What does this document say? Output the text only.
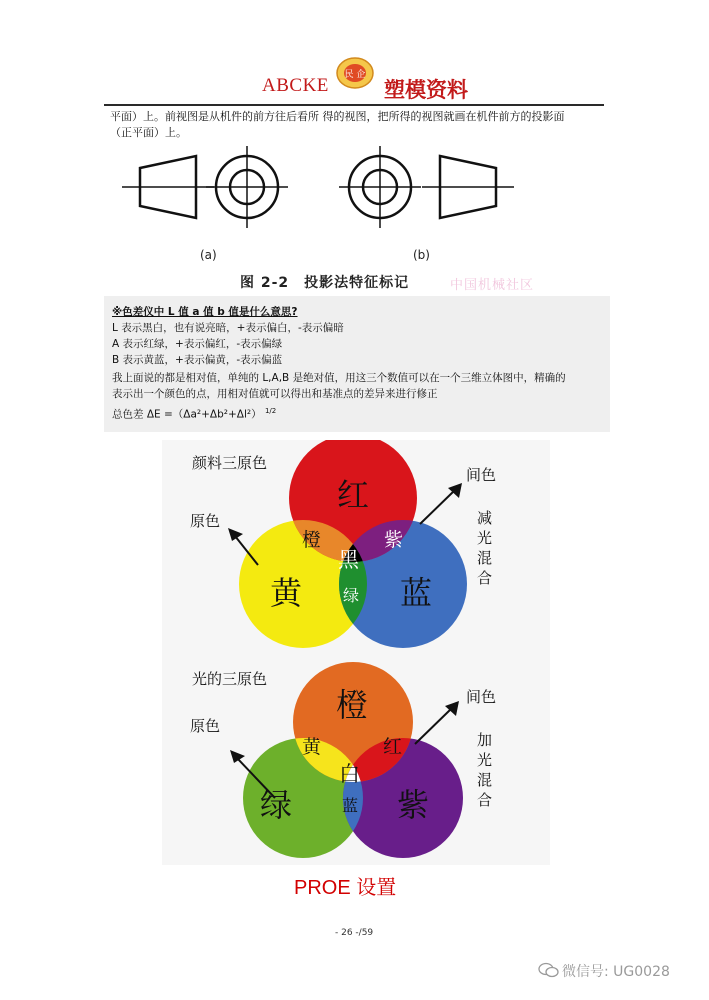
ABCKE 民 企
塑模资料
平面）上。前视图是从机件的前方往后看所 得的视图，把所得的视图就画在机件前方的投影面
（正平面）上。
(a)	(b)
图 2-2　投影法特征标记	中国机械社区
※色差仪中 L 值 a 值 b 值是什么意思?
L 表示黑白，也有说亮暗，+表示偏白，-表示偏暗
A 表示红绿，+表示偏红，-表示偏绿
B 表示黄蓝，+表示偏黄，-表示偏蓝
我上面说的都是相对值，单纯的 L,A,B 是绝对值，用这三个数值可以在一个三维立体图中，精确的
表示出一个颜色的点，用相对值就可以得出和基准点的差异来进行修正
总色差 ΔE =（Δa²+Δb²+Δl²） $^{1/2}$
颜料三原色
原色
间色
减光混合
红
黄	蓝
橙	紫
绿
黑
光的三原色
原色
间色
加光混合
橙
绿	紫
黄	红
蓝
白
PROE 设置
- 26 -/59
微信号: UG0028
